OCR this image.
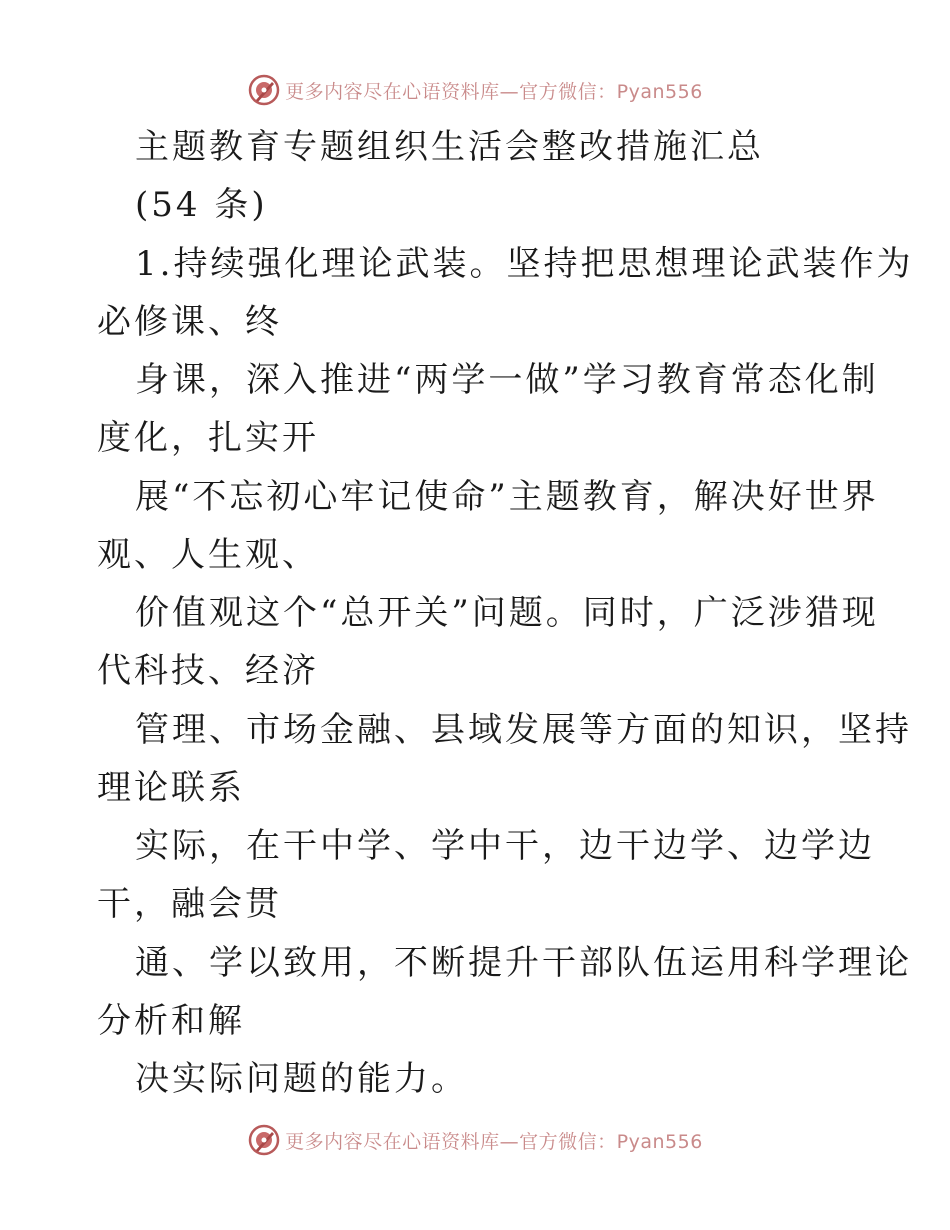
更多内容尽在心语资料库—官方微信：Pyan556
主题教育专题组织生活会整改措施汇总
(54 条)
1.持续强化理论武装。坚持把思想理论武装作为
必修课、终
身课，深入推进“两学一做”学习教育常态化制
度化，扎实开
展“不忘初心牢记使命”主题教育，解决好世界
观、人生观、
价值观这个“总开关”问题。同时，广泛涉猎现
代科技、经济
管理、市场金融、县域发展等方面的知识，坚持
理论联系
实际，在干中学、学中干，边干边学、边学边
干，融会贯
通、学以致用，不断提升干部队伍运用科学理论
分析和解
决实际问题的能力。
更多内容尽在心语资料库—官方微信：Pyan556
